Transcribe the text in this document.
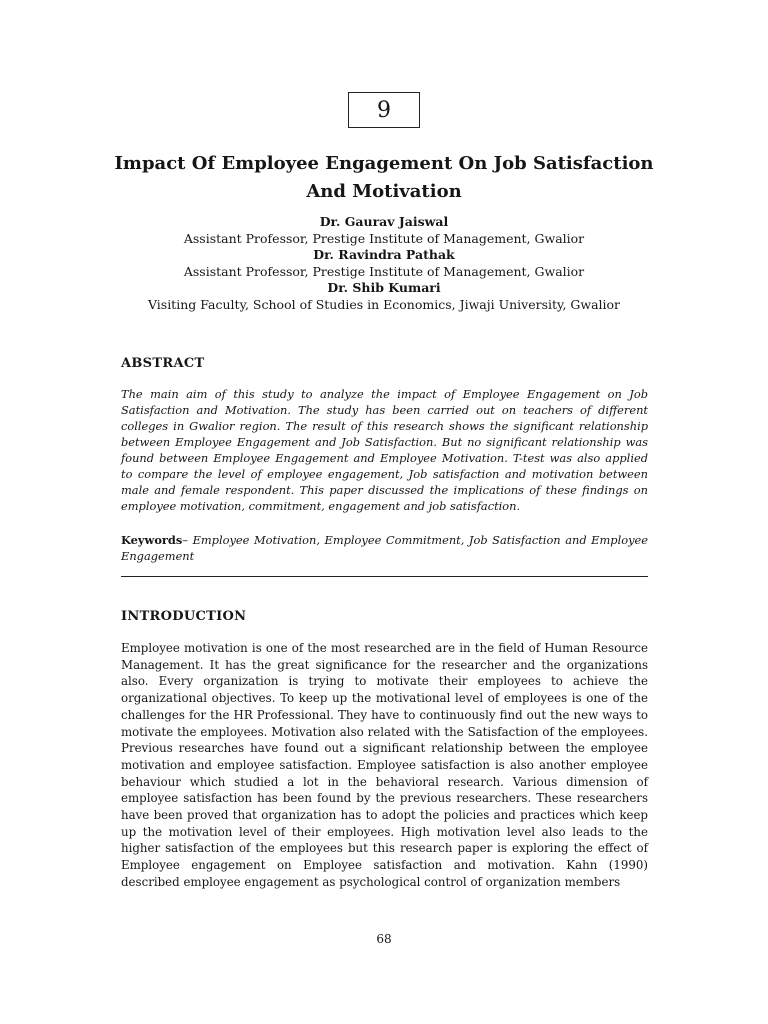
9
Impact Of Employee Engagement On Job Satisfaction And Motivation
Dr. Gaurav Jaiswal
Assistant Professor, Prestige Institute of Management, Gwalior
Dr. Ravindra Pathak
Assistant Professor, Prestige Institute of Management, Gwalior
Dr. Shib Kumari
Visiting Faculty, School of Studies in Economics, Jiwaji University, Gwalior
ABSTRACT
The main aim of this study to analyze the impact of Employee Engagement on Job Satisfaction and Motivation. The study has been carried out on teachers of different colleges in Gwalior region. The result of this research shows the significant relationship between Employee Engagement and Job Satisfaction. But no significant relationship was found between Employee Engagement and Employee Motivation. T-test was also applied to compare the level of employee engagement, Job satisfaction and motivation between male and female respondent. This paper discussed the implications of these findings on employee motivation, commitment, engagement and job satisfaction.
Keywords– Employee Motivation, Employee Commitment, Job Satisfaction and Employee Engagement
INTRODUCTION
Employee motivation is one of the most researched are in the field of Human Resource Management. It has the great significance for the researcher and the organizations also. Every organization is trying to motivate their employees to achieve the organizational objectives. To keep up the motivational level of employees is one of the challenges for the HR Professional. They have to continuously find out the new ways to motivate the employees. Motivation also related with the Satisfaction of the employees. Previous researches have found out a significant relationship between the employee motivation and employee satisfaction. Employee satisfaction is also another employee behaviour which studied a lot in the behavioral research. Various dimension of employee satisfaction has been found by the previous researchers. These researchers have been proved that organization has to adopt the policies and practices which keep up the motivation level of their employees. High motivation level also leads to the higher satisfaction of the employees but this research paper is exploring the effect of Employee engagement on Employee satisfaction and motivation. Kahn (1990) described employee engagement as psychological control of organization members
68
